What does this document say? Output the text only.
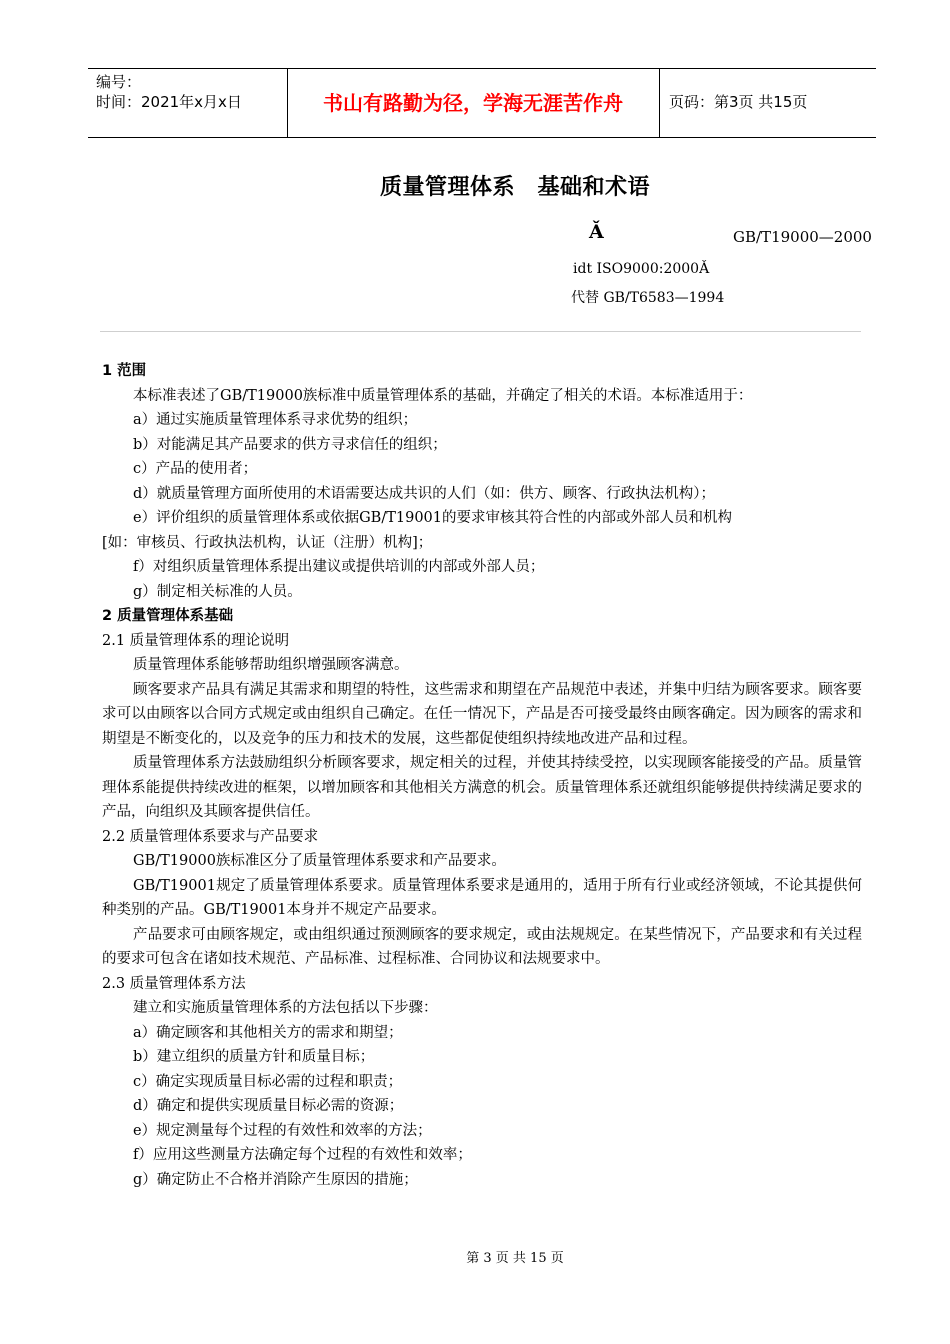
编号：
时间：2021年x月x日	书山有路勤为径，学海无涯苦作舟	页码：第3页 共15页
质量管理体系　基础和术语
Ǎ	GB/T19000—2000
idt ISO9000:2000Ǎ
代替 GB/T6583—1994

1 范围

本标准表述了GB/T19000族标准中质量管理体系的基础，并确定了相关的术语。本标准适用于：

a）通过实施质量管理体系寻求优势的组织；

b）对能满足其产品要求的供方寻求信任的组织；

c）产品的使用者；

d）就质量管理方面所使用的术语需要达成共识的人们（如：供方、顾客、行政执法机构）；

e）评价组织的质量管理体系或依据GB/T19001的要求审核其符合性的内部或外部人员和机构

[如：审核员、行政执法机构，认证（注册）机构]；

f）对组织质量管理体系提出建议或提供培训的内部或外部人员；

g）制定相关标准的人员。

2 质量管理体系基础

2.1 质量管理体系的理论说明

质量管理体系能够帮助组织增强顾客满意。

顾客要求产品具有满足其需求和期望的特性，这些需求和期望在产品规范中表述，并集中归结为顾客要求。顾客要求可以由顾客以合同方式规定或由组织自己确定。在任一情况下，产品是否可接受最终由顾客确定。因为顾客的需求和期望是不断变化的，以及竞争的压力和技术的发展，这些都促使组织持续地改进产品和过程。

质量管理体系方法鼓励组织分析顾客要求，规定相关的过程，并使其持续受控，以实现顾客能接受的产品。质量管理体系能提供持续改进的框架，以增加顾客和其他相关方满意的机会。质量管理体系还就组织能够提供持续满足要求的产品，向组织及其顾客提供信任。

2.2 质量管理体系要求与产品要求

GB/T19000族标准区分了质量管理体系要求和产品要求。

GB/T19001规定了质量管理体系要求。质量管理体系要求是通用的，适用于所有行业或经济领域，不论其提供何种类别的产品。GB/T19001本身并不规定产品要求。

产品要求可由顾客规定，或由组织通过预测顾客的要求规定，或由法规规定。在某些情况下，产品要求和有关过程的要求可包含在诸如技术规范、产品标准、过程标准、合同协议和法规要求中。

2.3 质量管理体系方法

建立和实施质量管理体系的方法包括以下步骤：

a）确定顾客和其他相关方的需求和期望；

b）建立组织的质量方针和质量目标；

c）确定实现质量目标必需的过程和职责；

d）确定和提供实现质量目标必需的资源；

e）规定测量每个过程的有效性和效率的方法；

f）应用这些测量方法确定每个过程的有效性和效率；

g）确定防止不合格并消除产生原因的措施；

第 3 页 共 15 页
